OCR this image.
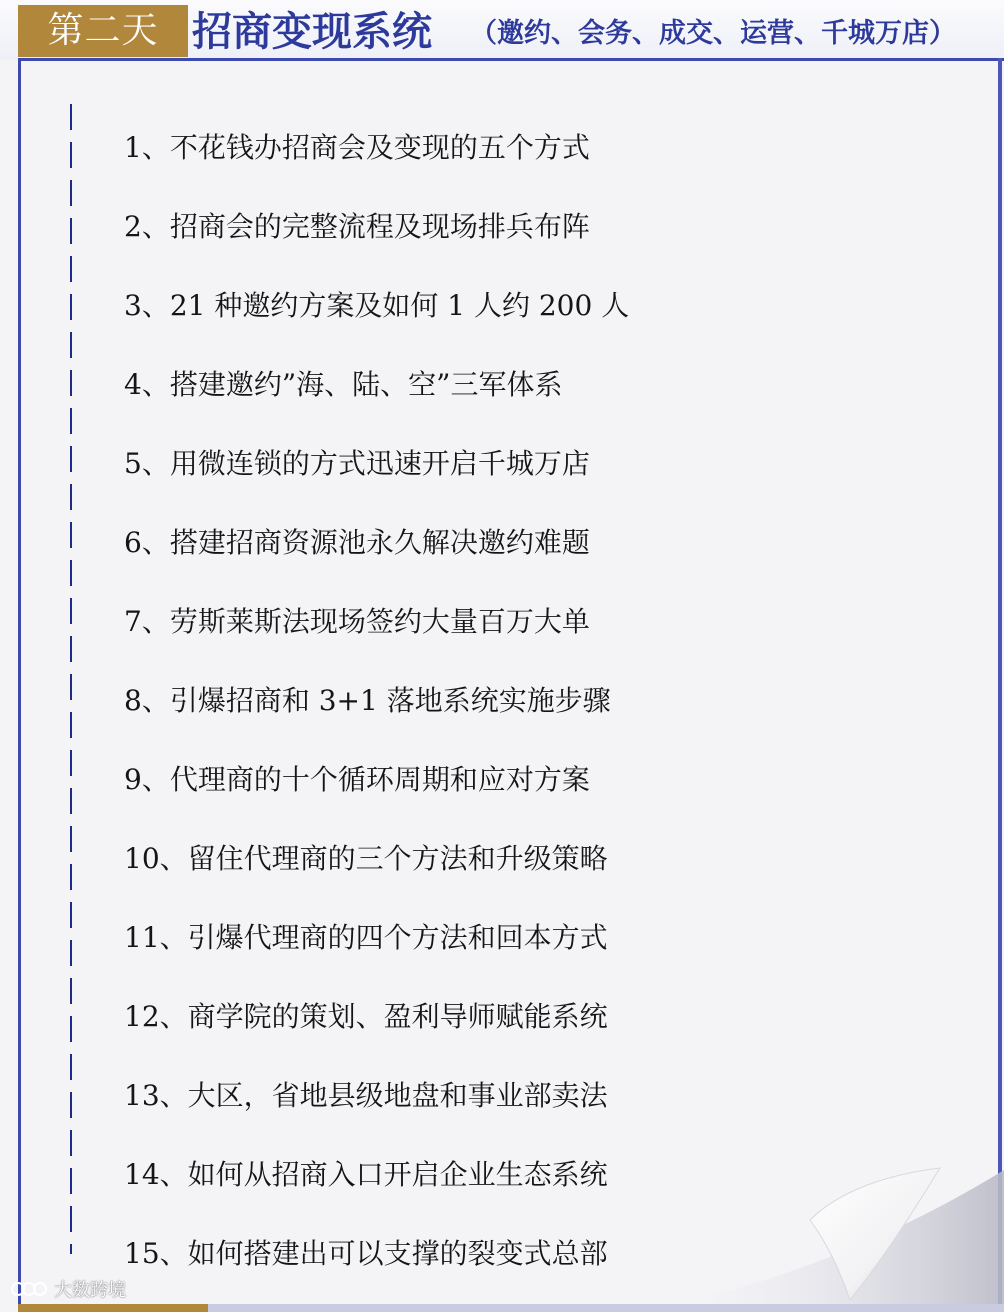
第二天 招商变现系统 （邀约、会务、成交、运营、千城万店）
1、不花钱办招商会及变现的五个方式
2、招商会的完整流程及现场排兵布阵
3、21 种邀约方案及如何 1 人约 200 人
4、搭建邀约”海、陆、空”三军体系
5、用微连锁的方式迅速开启千城万店
6、搭建招商资源池永久解决邀约难题
7、劳斯莱斯法现场签约大量百万大单
8、引爆招商和 3+1 落地系统实施步骤
9、代理商的十个循环周期和应对方案
10、留住代理商的三个方法和升级策略
11、引爆代理商的四个方法和回本方式
12、商学院的策划、盈利导师赋能系统
13、大区，省地县级地盘和事业部卖法
14、如何从招商入口开启企业生态系统
15、如何搭建出可以支撑的裂变式总部
大数跨境
